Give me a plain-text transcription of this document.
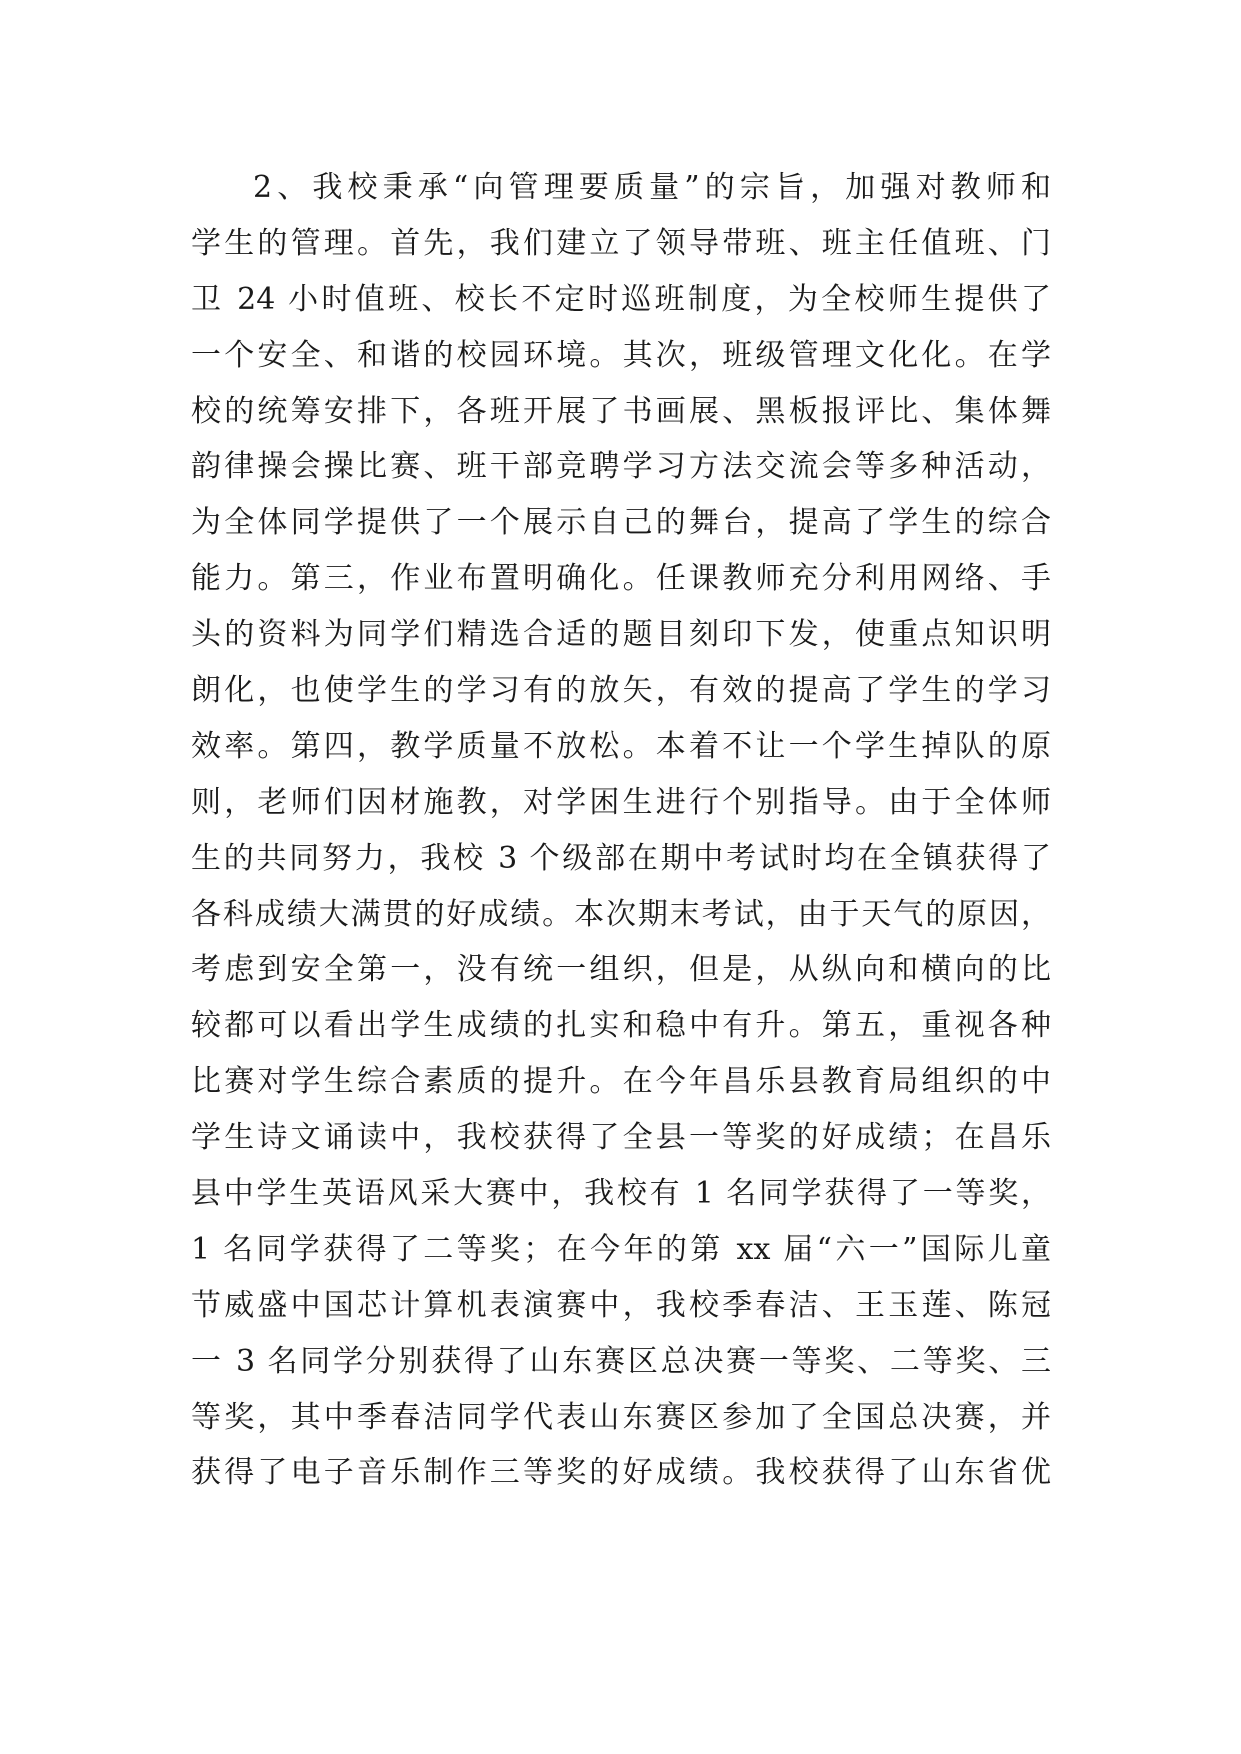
2、我校秉承“向管理要质量”的宗旨，加强对教师和
学生的管理。首先，我们建立了领导带班、班主任值班、门
卫 24 小时值班、校长不定时巡班制度，为全校师生提供了
一个安全、和谐的校园环境。其次，班级管理文化化。在学
校的统筹安排下，各班开展了书画展、黑板报评比、集体舞
韵律操会操比赛、班干部竞聘学习方法交流会等多种活动，
为全体同学提供了一个展示自己的舞台，提高了学生的综合
能力。第三，作业布置明确化。任课教师充分利用网络、手
头的资料为同学们精选合适的题目刻印下发，使重点知识明
朗化，也使学生的学习有的放矢，有效的提高了学生的学习
效率。第四，教学质量不放松。本着不让一个学生掉队的原
则，老师们因材施教，对学困生进行个别指导。由于全体师
生的共同努力，我校 3 个级部在期中考试时均在全镇获得了
各科成绩大满贯的好成绩。本次期末考试，由于天气的原因，
考虑到安全第一，没有统一组织，但是，从纵向和横向的比
较都可以看出学生成绩的扎实和稳中有升。第五，重视各种
比赛对学生综合素质的提升。在今年昌乐县教育局组织的中
学生诗文诵读中，我校获得了全县一等奖的好成绩；在昌乐
县中学生英语风采大赛中，我校有 1 名同学获得了一等奖，
1 名同学获得了二等奖；在今年的第 xx 届“六一”国际儿童
节威盛中国芯计算机表演赛中，我校季春洁、王玉莲、陈冠
一 3 名同学分别获得了山东赛区总决赛一等奖、二等奖、三
等奖，其中季春洁同学代表山东赛区参加了全国总决赛，并
获得了电子音乐制作三等奖的好成绩。我校获得了山东省优
